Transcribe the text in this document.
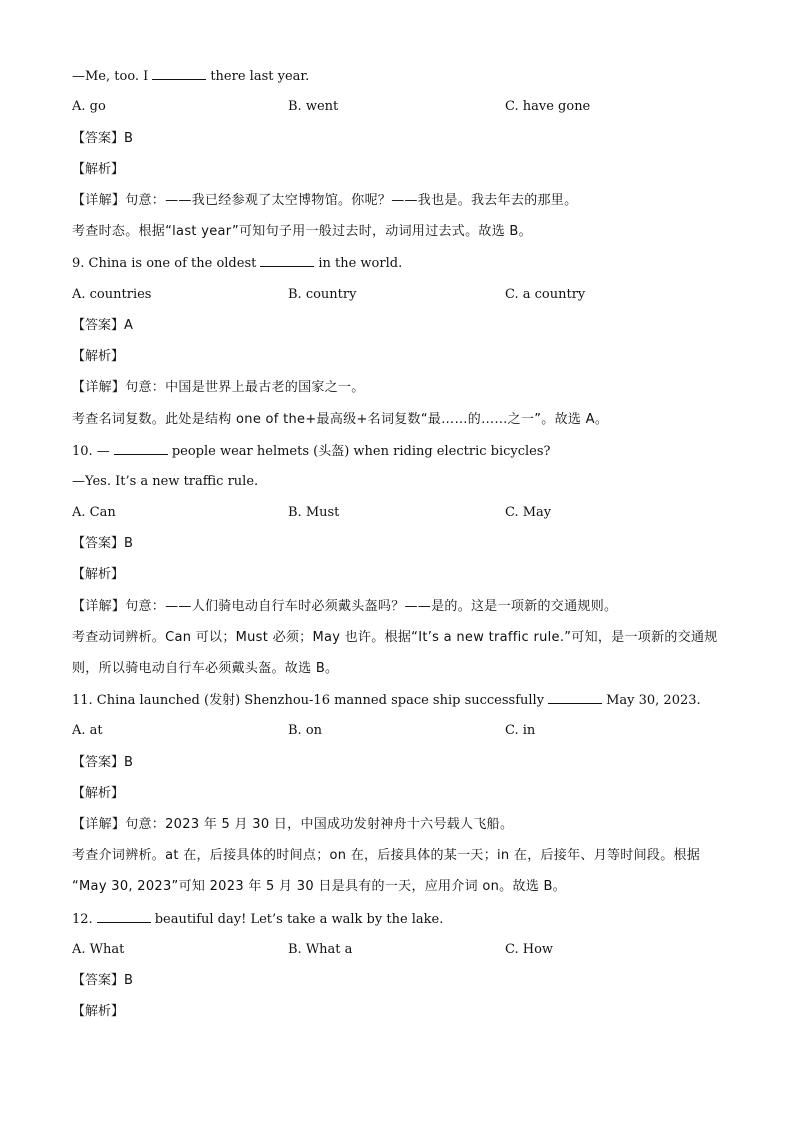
—Me, too. I	there last year.
A. go	B. went	C. have gone
【答案】B
【解析】
【详解】句意：——我已经参观了太空博物馆。你呢？——我也是。我去年去的那里。
考查时态。根据“last year”可知句子用一般过去时，动词用过去式。故选 B。
9. China is one of the oldest	in the world.
A. countries	B. country	C. a country
【答案】A
【解析】
【详解】句意：中国是世界上最古老的国家之一。
考查名词复数。此处是结构 one of the+最高级+名词复数“最……的……之一”。故选 A。
10. —	people wear helmets (头盔) when riding electric bicycles?
—Yes. It’s a new traffic rule.
A. Can	B. Must	C. May
【答案】B
【解析】
【详解】句意：——人们骑电动自行车时必须戴头盔吗？——是的。这是一项新的交通规则。
考查动词辨析。Can 可以；Must 必须；May 也许。根据“It’s a new traffic rule.”可知，是一项新的交通规
则，所以骑电动自行车必须戴头盔。故选 B。
11. China launched (发射) Shenzhou-16 manned space ship successfully	May 30, 2023.
A. at	B. on	C. in
【答案】B
【解析】
【详解】句意：2023 年 5 月 30 日，中国成功发射神舟十六号载人飞船。
考查介词辨析。at 在，后接具体的时间点；on 在，后接具体的某一天；in 在，后接年、月等时间段。根据
“May 30, 2023”可知 2023 年 5 月 30 日是具有的一天，应用介词 on。故选 B。
12.	beautiful day! Let’s take a walk by the lake.
A. What	B. What a	C. How
【答案】B
【解析】
